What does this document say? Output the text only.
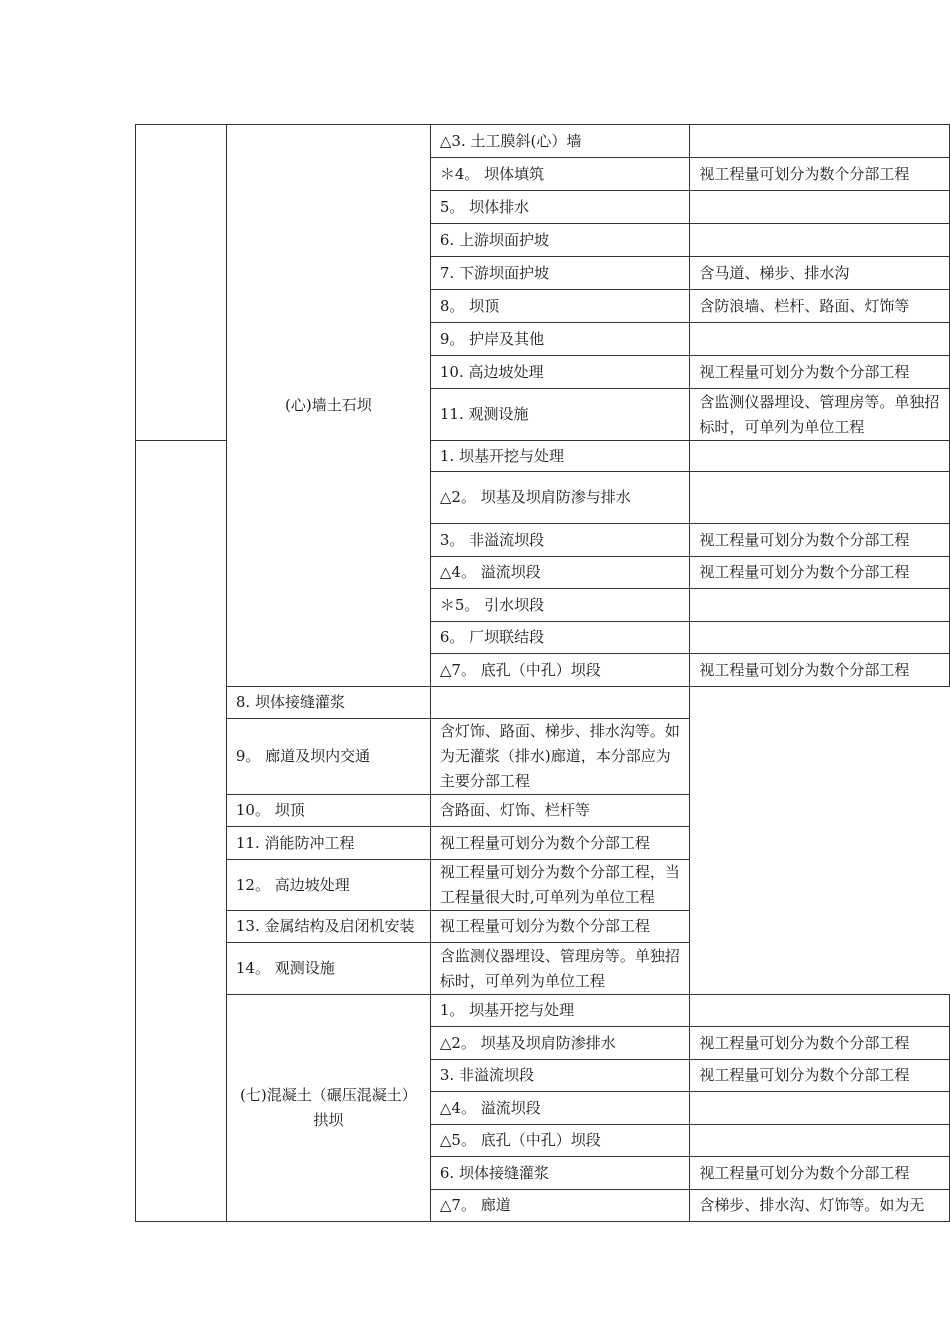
	(心)墙土石坝	△3. 土工膜斜(心）墙	
		＊4。 坝体填筑	视工程量可划分为数个分部工程
		5。 坝体排水	
		6. 上游坝面护坡	
		7. 下游坝面护坡	含马道、梯步、排水沟
		8。 坝顶	含防浪墙、栏杆、路面、灯饰等
		9。 护岸及其他	
		10. 高边坡处理	视工程量可划分为数个分部工程
		11. 观测设施	含监测仪器埋设、管理房等。单独招标时，可单列为单位工程
		1. 坝基开挖与处理	
		△2。 坝基及坝肩防渗与排水	
		3。 非溢流坝段	视工程量可划分为数个分部工程
		△4。 溢流坝段	视工程量可划分为数个分部工程
		＊5。 引水坝段	
		6。 厂坝联结段	
		△7。 底孔（中孔）坝段	视工程量可划分为数个分部工程
	8. 坝体接缝灌浆		
	9。 廊道及坝内交通	含灯饰、路面、梯步、排水沟等。如为无灌浆（排水)廊道，本分部应为主要分部工程	
	10。 坝顶	含路面、灯饰、栏杆等	
	11. 消能防冲工程	视工程量可划分为数个分部工程	
	12。 高边坡处理	视工程量可划分为数个分部工程，当工程量很大时,可单列为单位工程	
	13. 金属结构及启闭机安装	视工程量可划分为数个分部工程	
	14。 观测设施	含监测仪器埋设、管理房等。单独招标时，可单列为单位工程	
	(七)混凝土（碾压混凝土）拱坝	1。 坝基开挖与处理	
		△2。 坝基及坝肩防渗排水	视工程量可划分为数个分部工程
		3. 非溢流坝段	视工程量可划分为数个分部工程
		△4。 溢流坝段	
		△5。 底孔（中孔）坝段	
		6. 坝体接缝灌浆	视工程量可划分为数个分部工程
		△7。 廊道	含梯步、排水沟、灯饰等。如为无
